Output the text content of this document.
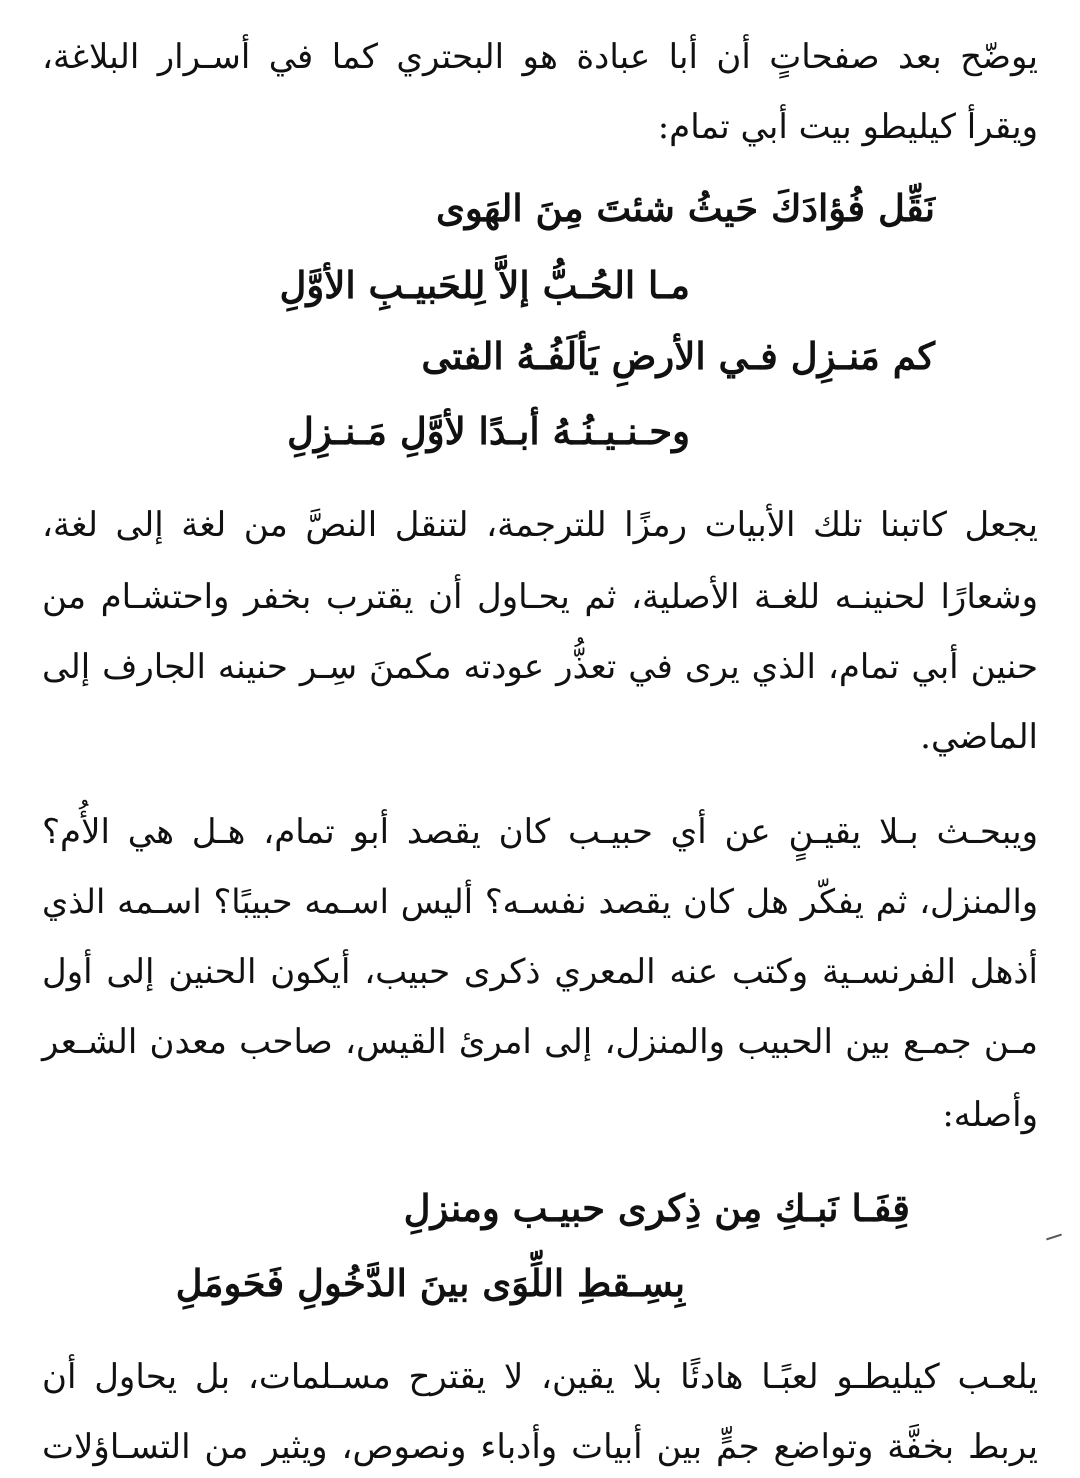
يوضّح بعد صفحاتٍ أن أبا عبادة هو البحتري كما في أسـرار البلاغة،
ويقرأ كيليطو بيت أبي تمام:
نَقِّل فُؤادَكَ حَيثُ شئتَ مِنَ الهَوى
مـا الحُـبُّ إلاَّ لِلحَبيـبِ الأوَّلِ
كم مَنـزِل فـي الأرضِ يَألَفُـهُ الفتى
وحـنـيـنُـهُ أبـدًا لأوَّلِ مَـنـزِلِ
يجعل كاتبنا تلك الأبيات رمزًا للترجمة، لتنقل النصَّ من لغة إلى لغة،
وشعارًا لحنينـه للغـة الأصلية، ثم يحـاول أن يقترب بخفر واحتشـام من
حنين أبي تمام، الذي يرى في تعذُّر عودته مكمنَ سِـر حنينه الجارف إلى
الماضي.
ويبحـث بـلا يقيـنٍ عن أي حبيـب كان يقصد أبو تمام، هـل هي الأُم؟
والمنزل، ثم يفكّر هل كان يقصد نفسـه؟ أليس اسـمه حبيبًا؟ اسـمه الذي
أذهل الفرنسـية وكتب عنه المعري ذكرى حبيب، أيكون الحنين إلى أول
مـن جمـع بين الحبيب والمنزل، إلى امرئ القيس، صاحب معدن الشـعر
وأصله:
قِفَـا نَبـكِ مِن ذِكرى حبيـب ومنزلِ
بِسِـقطِ اللِّوَى بينَ الدَّخُولِ فَحَومَلِ
يلعـب كيليطـو لعبًـا هادئًا بلا يقين، لا يقترح مسـلمات، بل يحاول أن
يربط بخفَّة وتواضع جمٍّ بين أبيات وأدباء ونصوص، ويثير من التسـاؤلات
